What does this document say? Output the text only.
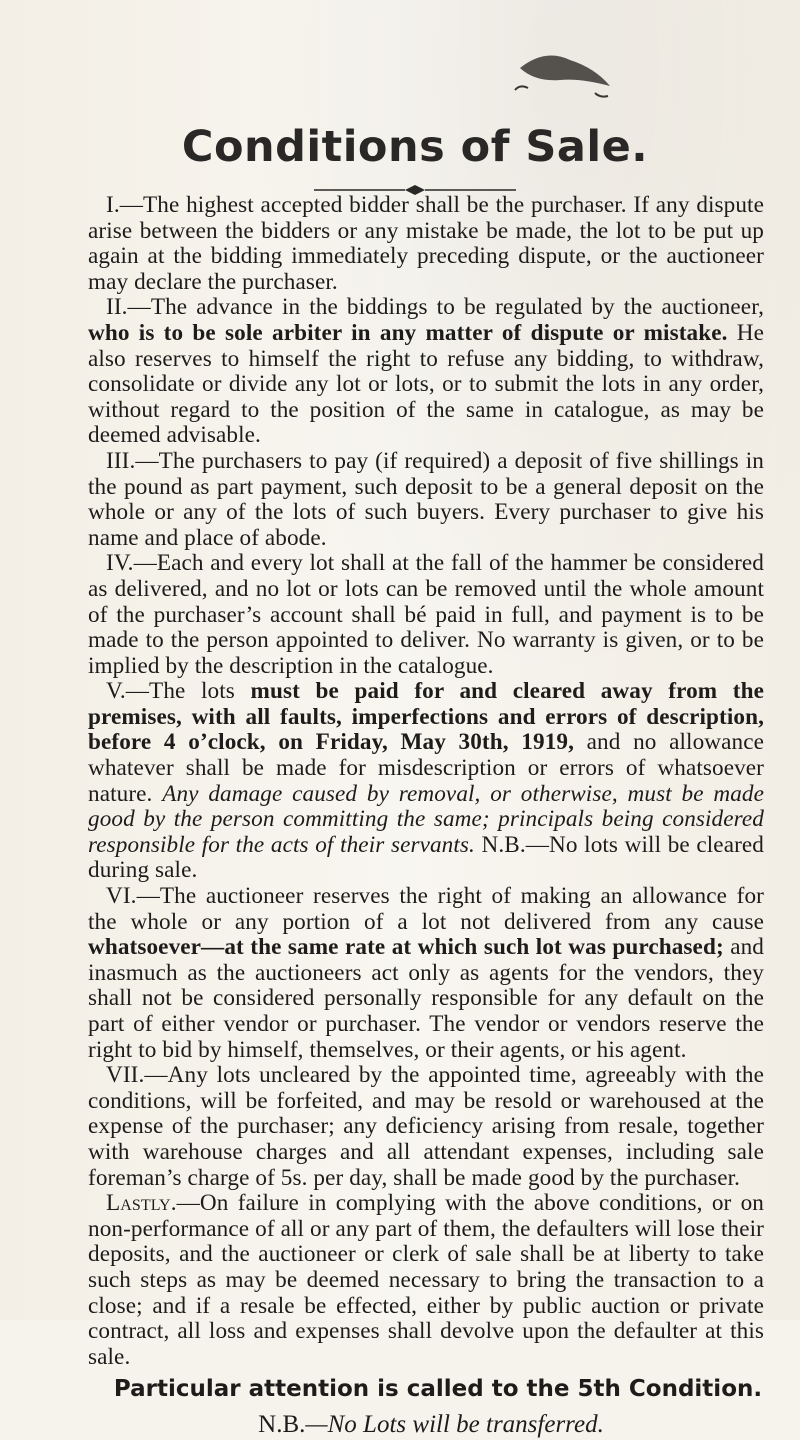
Conditions of Sale.

I.—The highest accepted bidder shall be the purchaser. If any dispute arise between the bidders or any mistake be made, the lot to be put up again at the bidding immediately preceding dispute, or the auctioneer may declare the purchaser.

II.—The advance in the biddings to be regulated by the auctioneer, who is to be sole arbiter in any matter of dispute or mistake. He also reserves to himself the right to refuse any bidding, to withdraw, consolidate or divide any lot or lots, or to submit the lots in any order, without regard to the position of the same in catalogue, as may be deemed advisable.

III.—The purchasers to pay (if required) a deposit of five shillings in the pound as part payment, such deposit to be a general deposit on the whole or any of the lots of such buyers. Every purchaser to give his name and place of abode.

IV.—Each and every lot shall at the fall of the hammer be considered as delivered, and no lot or lots can be removed until the whole amount of the purchaser’s account shall bé paid in full, and payment is to be made to the person appointed to deliver. No warranty is given, or to be implied by the description in the catalogue.

V.—The lots must be paid for and cleared away from the premises, with all faults, imperfections and errors of description, before 4 o’clock, on Friday, May 30th, 1919, and no allowance whatever shall be made for misdescription or errors of whatsoever nature. Any damage caused by removal, or otherwise, must be made good by the person committing the same; principals being considered responsible for the acts of their servants. N.B.—No lots will be cleared during sale.

VI.—The auctioneer reserves the right of making an allowance for the whole or any portion of a lot not delivered from any cause whatsoever—at the same rate at which such lot was purchased; and inasmuch as the auctioneers act only as agents for the vendors, they shall not be considered personally responsible for any default on the part of either vendor or purchaser. The vendor or vendors reserve the right to bid by himself, themselves, or their agents, or his agent.

VII.—Any lots uncleared by the appointed time, agreeably with the conditions, will be forfeited, and may be resold or warehoused at the expense of the purchaser; any deficiency arising from resale, together with warehouse charges and all attendant expenses, including sale foreman’s charge of 5s. per day, shall be made good by the purchaser.

Lastly.—On failure in complying with the above conditions, or on non-performance of all or any part of them, the defaulters will lose their deposits, and the auctioneer or clerk of sale shall be at liberty to take such steps as may be deemed necessary to bring the transaction to a close; and if a resale be effected, either by public auction or private contract, all loss and expenses shall devolve upon the defaulter at this sale.

Particular attention is called to the 5th Condition.

N.B.—No Lots will be transferred.
